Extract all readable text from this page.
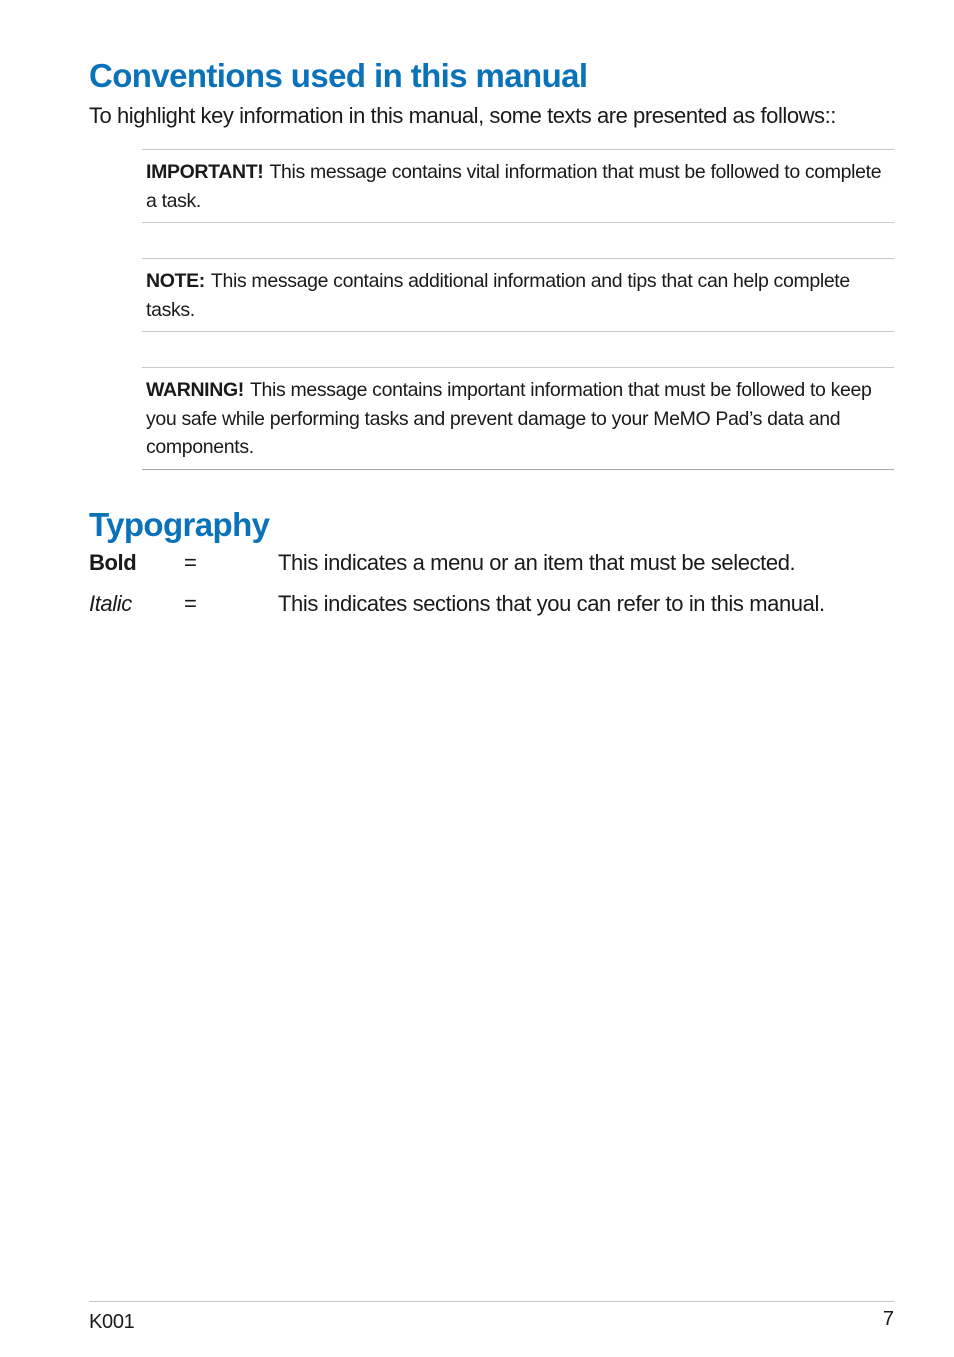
Conventions used in this manual

To highlight key information in this manual, some texts are presented as follows::

IMPORTANT! This message contains vital information that must be followed to complete a task.
NOTE: This message contains additional information and tips that can help complete tasks.
WARNING! This message contains important information that must be followed to keep you safe while performing tasks and prevent damage to your MeMO Pad’s data and components.
Typography
Bold =	This indicates a menu or an item that must be selected.
Italic =	This indicates sections that you can refer to in this manual.
K001	7
